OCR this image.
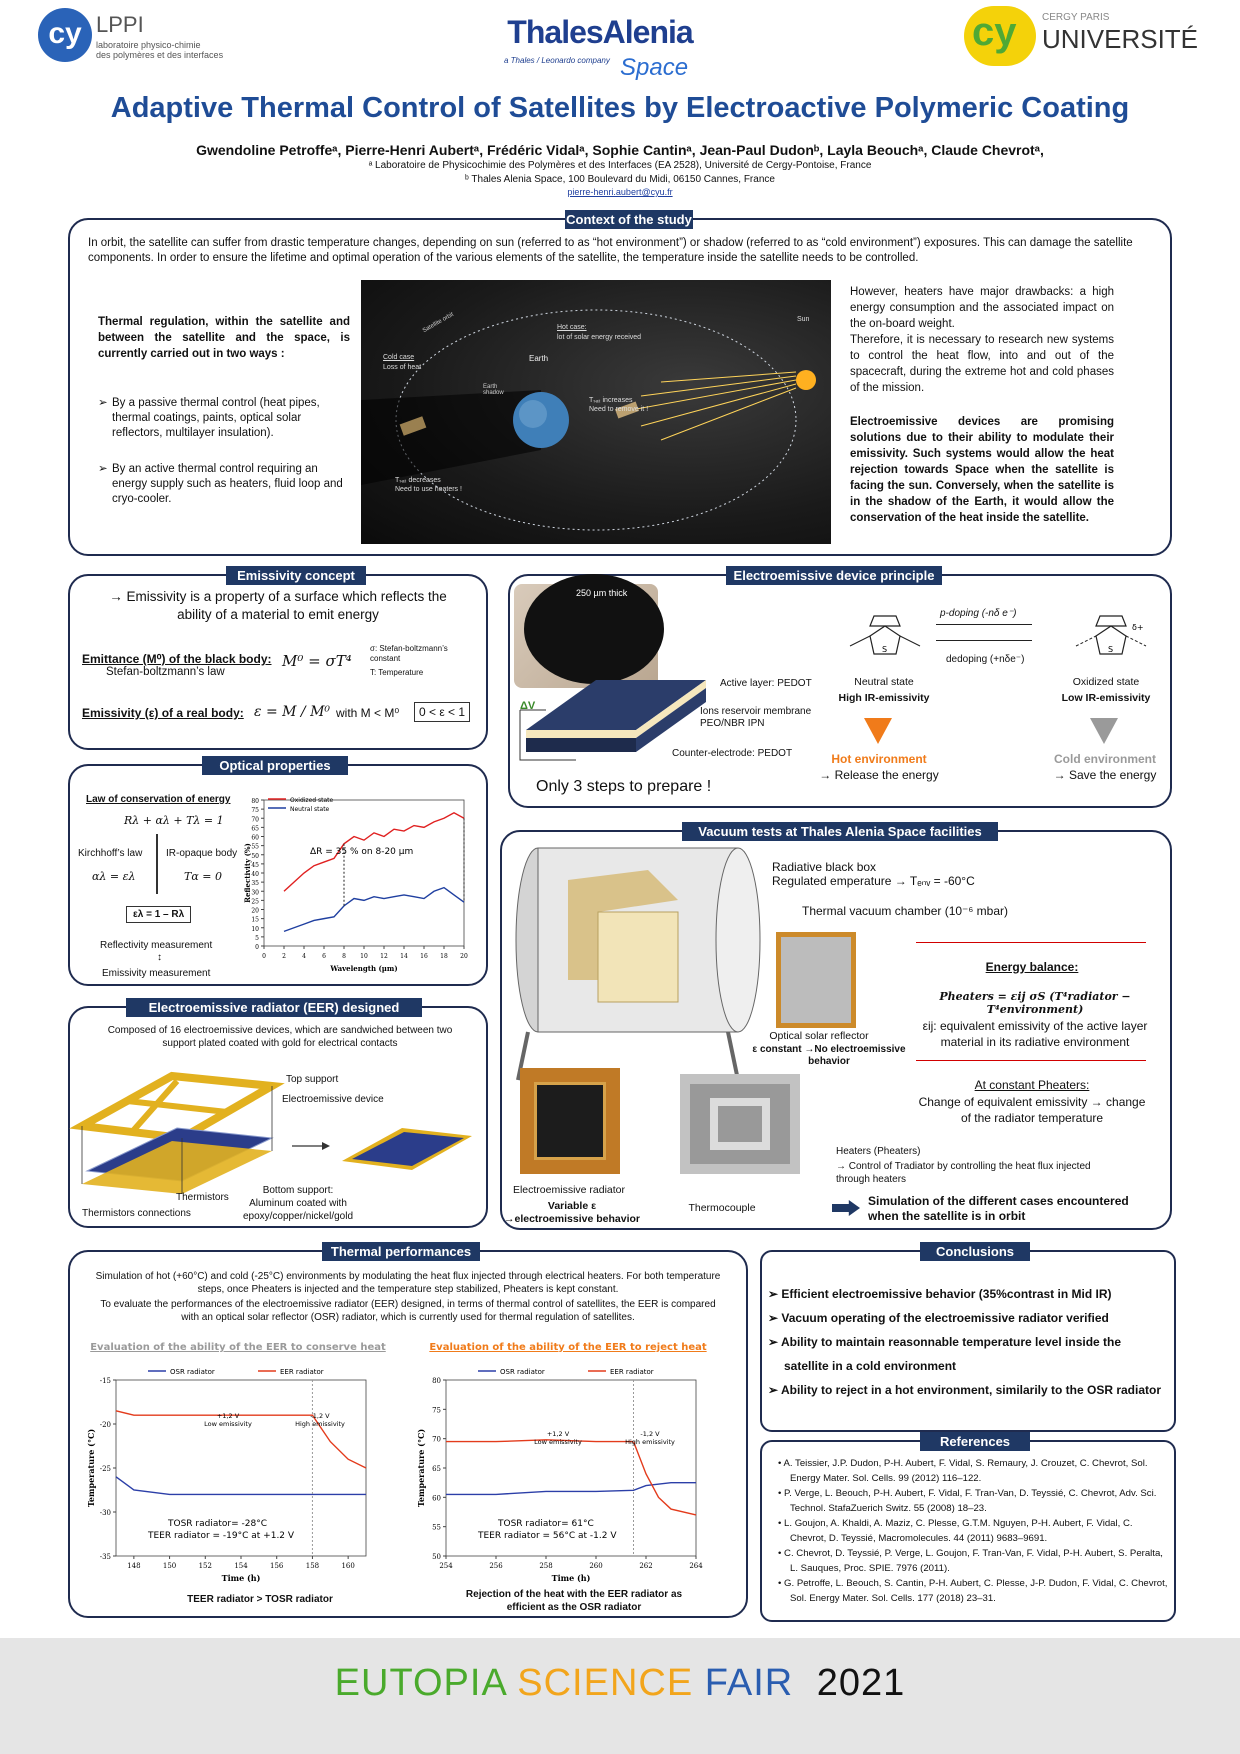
cy LPPI
laboratoire physico-chimie
des polymères et des interfaces
ThalesAlenia
a Thales / Leonardo company Space
cy	CERGY PARIS
UNIVERSITÉ
Adaptive Thermal Control of Satellites by Electroactive Polymeric Coating
Gwendoline Petroffeᵃ, Pierre-Henri Aubertᵃ, Frédéric Vidalᵃ, Sophie Cantinᵃ, Jean-Paul Dudonᵇ, Layla Beouchᵃ, Claude Chevrotᵃ,
ᵃ Laboratoire de Physicochimie des Polymères et des Interfaces (EA 2528), Université de Cergy-Pontoise, France
ᵇ Thales Alenia Space, 100 Boulevard du Midi, 06150 Cannes, France
pierre-henri.aubert@cyu.fr
Context of the study
In orbit, the satellite can suffer from drastic temperature changes, depending on sun (referred to as “hot environment”) or shadow (referred to as “cold environment”) exposures. This can damage the satellite components. In order to ensure the lifetime and optimal operation of the various elements of the satellite, the temperature inside the satellite needs to be controlled.
Thermal regulation, within the satellite and between the satellite and the space, is currently carried out in two ways :
➢ By a passive thermal control (heat pipes, thermal coatings, paints, optical solar reflectors, multilayer insulation).
➢ By an active thermal control requiring an energy supply such as heaters, fluid loop and cryo-cooler.
Satellite orbit
Cold case
Loss of heat
Earth
Earth
shadow
Hot case:
lot of solar energy received
Sun
Tₛₐₜ increases
Need to remove it !
Tₛₐₜ decreases
Need to use heaters !
However, heaters have major drawbacks: a high energy consumption and the associated impact on the on-board weight.
Therefore, it is necessary to research new systems to control the heat flow, into and out of the spacecraft, during the extreme hot and cold phases of the mission.
Electroemissive devices are promising solutions due to their ability to modulate their emissivity. Such systems would allow the heat rejection towards Space when the satellite is facing the sun. Conversely, when the satellite is in the shadow of the Earth, it would allow the conservation of the heat inside the satellite.
Emissivity concept
→ Emissivity is a property of a surface which reflects the ability of a material to emit energy
Emittance (M⁰) of the black body:
Stefan-boltzmann’s law
M⁰ = σT⁴
σ: Stefan-boltzmann’s constant
T: Temperature
Emissivity (ε) of a real body: ε = M / M⁰ with M < M⁰	0 < ε < 1
Optical properties
Law of conservation of energy
Rλ + αλ + Tλ = 1
Kirchhoff’s law IR-opaque body
αλ = ελ	Tα = 0
ελ = 1 – Rλ
Reflectivity measurement
↕
Emissivity measurement
0	2	4	6	8 10 12 14 16 18 20
0
5
10
15
20
25
30
35
40
45
50
55
60
65
70
75
80
Wavelength (µm)
Reflectivity (%)
Oxidized state
Neutral state
ΔR = 35 % on 8-20 µm
Electroemissive radiator (EER) designed
Composed of 16 electroemissive devices, which are sandwiched between two support plated coated with gold for electrical contacts
Top support
Electroemissive device
Thermistors
Thermistors connections
Bottom support:
Aluminum coated with
epoxy/copper/nickel/gold
Electroemissive device principle
250 µm thick
ΔV
Active layer: PEDOT
Ions reservoir membrane
PEO/NBR IPN
Counter-electrode: PEDOT
Only 3 steps to prepare !
S	S
δ+
p-doping (-nδ e⁻)
dedoping (+nδe⁻)
Neutral state
High IR-emissivity
Oxidized state
Low IR-emissivity
Hot environment
→ Release the energy
Cold environment
→ Save the energy
Vacuum tests at Thales Alenia Space facilities
Radiative black box
Regulated emperature → Tₑₙᵥ = -60°C
Thermal vacuum chamber (10⁻⁶ mbar)
Optical solar reflector
ε constant →No electroemissive behavior
Energy balance:
Pheaters = εij σS (T⁴radiator − T⁴environment)
εij: equivalent emissivity of the active layer material in its radiative environment
At constant Pheaters:
Change of equivalent emissivity → change of the radiator temperature
Electroemissive radiator
Variable ε →electroemissive behavior
Thermocouple
Heaters (Pheaters)
→ Control of Tradiator by controlling the heat flux injected through heaters
Simulation of the different cases encountered when the satellite is in orbit
Thermal performances
Simulation of hot (+60°C) and cold (-25°C) environments by modulating the heat flux injected through electrical heaters. For both temperature steps, once Pheaters is injected and the temperature step stabilized, Pheaters is kept constant.
To evaluate the performances of the electroemissive radiator (EER) designed, in terms of thermal control of satellites, the EER is compared with an optical solar reflector (OSR) radiator, which is currently used for thermal regulation of satellites.
Evaluation of the ability of the EER to conserve heat
148	150	152	154	156	158	160
-35
-30
-25
-20
-15
Time (h)
Temperature (°C)
OSR radiator	EER radiator
+1,2 V
Low emissivity
-1,2 V
High emissivity
TOSR radiator= -28°C
TEER radiator = -19°C at +1.2 V
Evaluation of the ability of the EER to reject heat
254	256	258	260	262	264
50
55
60
65
70
75
80
Time (h)
Temperature (°C)
OSR radiator	EER radiator
+1,2 V
Low emissivity
-1,2 V
High emissivity
TOSR radiator= 61°C
TEER radiator = 56°C at -1.2 V
TEER radiator > TOSR radiator	Rejection of the heat with the EER radiator as efficient as the OSR radiator
Conclusions
➢ Efficient electroemissive behavior (35%contrast in Mid IR)
➢ Vacuum operating of the electroemissive radiator verified
➢ Ability to maintain reasonnable temperature level inside the satellite in a cold environment
➢ Ability to reject in a hot environment, similarily to the OSR radiator
References
• A. Teissier, J.P. Dudon, P-H. Aubert, F. Vidal, S. Remaury, J. Crouzet, C. Chevrot, Sol. Energy Mater. Sol. Cells. 99 (2012) 116–122.
• P. Verge, L. Beouch, P-H. Aubert, F. Vidal, F. Tran-Van, D. Teyssié, C. Chevrot, Adv. Sci. Technol. StafaZuerich Switz. 55 (2008) 18–23.
• L. Goujon, A. Khaldi, A. Maziz, C. Plesse, G.T.M. Nguyen, P-H. Aubert, F. Vidal, C. Chevrot, D. Teyssié, Macromolecules. 44 (2011) 9683–9691.
• C. Chevrot, D. Teyssié, P. Verge, L. Goujon, F. Tran-Van, F. Vidal, P-H. Aubert, S. Peralta, L. Sauques, Proc. SPIE. 7976 (2011).
• G. Petroffe, L. Beouch, S. Cantin, P-H. Aubert, C. Plesse, J-P. Dudon, F. Vidal, C. Chevrot, Sol. Energy Mater. Sol. Cells. 177 (2018) 23–31.
EUTOPIA SCIENCE FAIR 2021
